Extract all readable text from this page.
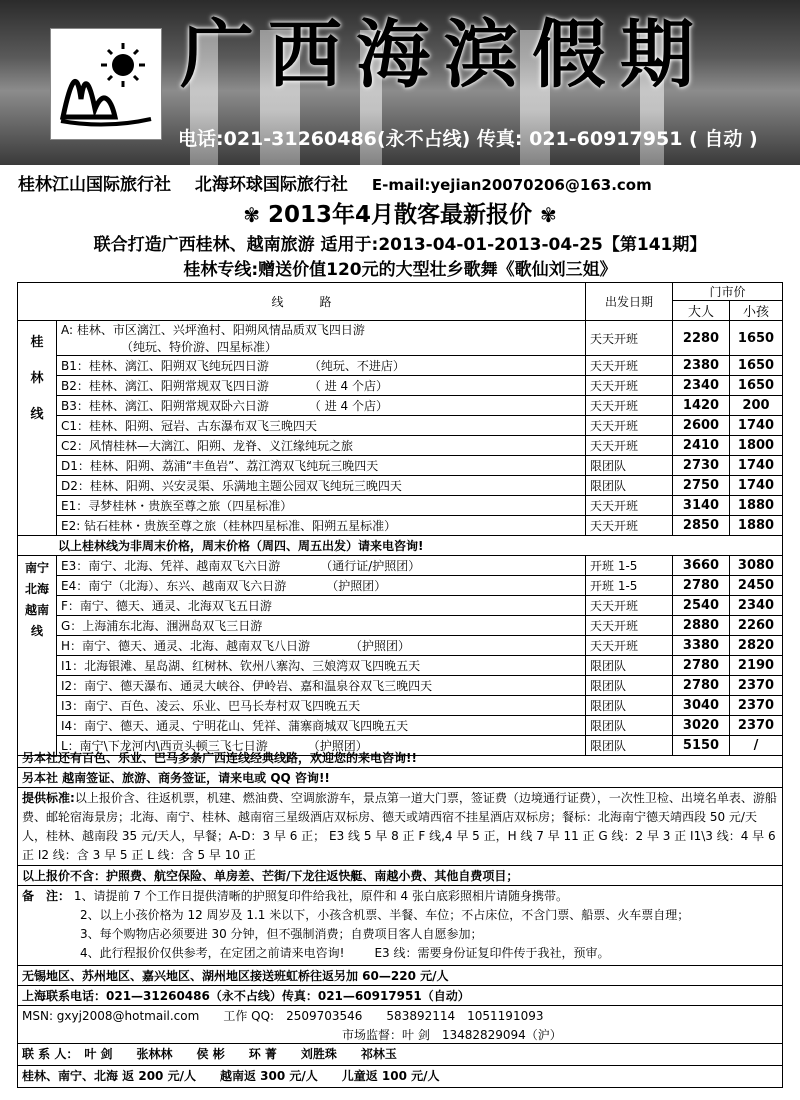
广西海滨假期
电话:021-31260486(永不占线) 传真: 021-60917951 ( 自动 )
桂林江山国际旅行社 北海环球国际旅行社 E-mail:yejian20070206@163.com
✾ 2013年4月散客最新报价 ✾
联合打造广西桂林、越南旅游 适用于:2013-04-01-2013-04-25【第141期】
桂林专线:赠送价值120元的大型壮乡歌舞《歌仙刘三姐》
线　　　路		出发日期	门市价	
			大人	小孩

桂
林
线	A: 桂林、市区漓江、兴坪渔村、阳朔风情品质双飞四日游
（纯玩、特价游、四星标准）	天天开班	2280	1650
	B1：桂林、漓江、阳朔双飞纯玩四日游 （纯玩、不进店）	天天开班	2380	1650
	B2：桂林、漓江、阳朔常规双飞四日游 （ 进 4 个店）	天天开班	2340	1650
	B3：桂林、漓江、阳朔常规双卧六日游 （ 进 4 个店）	天天开班	1420	200
	C1：桂林、阳朔、冠岩、古东瀑布双飞三晚四天	天天开班	2600	1740
	C2：风情桂林—大漓江、阳朔、龙脊、义江缘纯玩之旅	天天开班	2410	1800
	D1：桂林、阳朔、荔浦“丰鱼岩”、荔江湾双飞纯玩三晚四天	限团队	2730	1740
	D2：桂林、阳朔、兴安灵渠、乐满地主题公园双飞纯玩三晚四天	限团队	2750	1740
	E1：寻梦桂林・贵族至尊之旅（四星标准）	天天开班	3140	1880
	E2: 钻石桂林・贵族至尊之旅（桂林四星标准、阳朔五星标准）	天天开班	2850	1880
以上桂林线为非周末价格，周末价格（周四、周五出发）请来电咨询!				

南宁
北海
越南
线	E3：南宁、北海、凭祥、越南双飞六日游 （通行证/护照团）	开班 1-5	3660	3080
	E4：南宁（北海）、东兴、越南双飞六日游 （护照团）	开班 1-5	2780	2450
	F：南宁、德天、通灵、北海双飞五日游	天天开班	2540	2340
	G：上海浦东北海、涠洲岛双飞三日游	天天开班	2880	2260
	H：南宁、德天、通灵、北海、越南双飞八日游 （护照团）	天天开班	3380	2820
	I1：北海银滩、星岛湖、红树林、钦州八寨沟、三娘湾双飞四晚五天	限团队	2780	2190
	I2：南宁、德天瀑布、通灵大峡谷、伊岭岩、嘉和温泉谷双飞三晚四天	限团队	2780	2370
	I3：南宁、百色、凌云、乐业、巴马长寿村双飞四晚五天	限团队	3040	2370
	I4：南宁、德天、通灵、宁明花山、凭祥、蒲寨商城双飞四晚五天	限团队	3020	2370
	L：南宁\下龙河内\西贡头顿三飞七日游 （护照团）	限团队	5150	/
另本社还有百色、乐业、巴马多条广西连线经典线路，欢迎您的来电咨询!!
另本社 越南签证、旅游、商务签证，请来电或 QQ 咨询!!
提供标准:以上报价含、往返机票，机建、燃油费、空调旅游车，景点第一道大门票，签证费（边境通行证费），一次性卫检、出境名单表、游船费、邮轮宿海景房；北海、南宁、桂林、越南宿三星级酒店双标房、德天或靖西宿不挂星酒店双标房；餐标：北海南宁德天靖西段 50 元/天人，桂林、越南段 35 元/天人，早餐；A-D：3 早 6 正； E3 线 5 早 8 正 F 线,4 早 5 正，H 线 7 早 11 正 G 线：2 早 3 正 I1\3 线：4 早 6 正 I2 线：含 3 早 5 正 L 线：含 5 早 10 正
以上报价不含：护照费、航空保险、单房差、芒街/下龙往返快艇、南越小费、其他自费项目；
备　注： 1、请提前 7 个工作日提供清晰的护照复印件给我社，原件和 4 张白底彩照相片请随身携带。
2、以上小孩价格为 12 周岁及 1.1 米以下，小孩含机票、半餐、车位；不占床位，不含门票、船票、火车票自理；
3、每个购物店必须要进 30 分钟，但不强制消费；自费项目客人自愿参加；
4、此行程报价仅供参考，在定团之前请来电咨询!	E3 线：需要身份证复印件传于我社，预审。
无锡地区、苏州地区、嘉兴地区、湖州地区接送班虹桥往返另加 60—220 元/人
上海联系电话：021—31260486（永不占线）传真：021—60917951（自动）
MSN: gxyj2008@hotmail.com　　 工作 QQ:　2509703546　　583892114　1051191093
市场监督：叶 剑　13482829094（沪）
联 系 人：　叶 剑　　张林林　　侯 彬　　环 菁　　刘胜珠　　祁林玉
桂林、南宁、北海 返 200 元/人　　越南返 300 元/人　　儿童返 100 元/人
